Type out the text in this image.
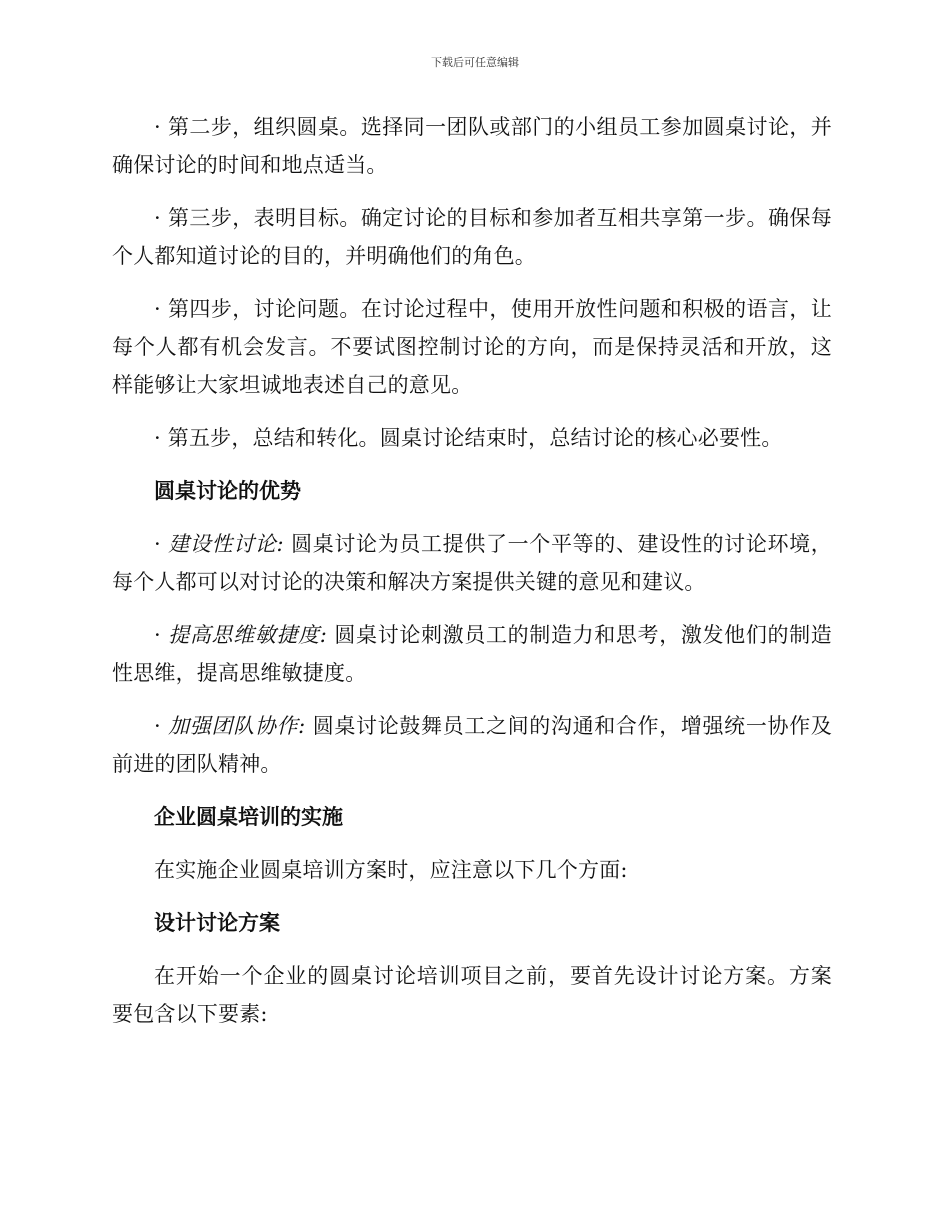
下载后可任意编辑

· 第二步，组织圆桌。选择同一团队或部门的小组员工参加圆桌讨论，并确保讨论的时间和地点适当。

· 第三步，表明目标。确定讨论的目标和参加者互相共享第一步。确保每个人都知道讨论的目的，并明确他们的角色。

· 第四步，讨论问题。在讨论过程中，使用开放性问题和积极的语言，让每个人都有机会发言。不要试图控制讨论的方向，而是保持灵活和开放，这样能够让大家坦诚地表述自己的意见。

· 第五步，总结和转化。圆桌讨论结束时，总结讨论的核心必要性。

圆桌讨论的优势

· 建设性讨论: 圆桌讨论为员工提供了一个平等的、建设性的讨论环境，每个人都可以对讨论的决策和解决方案提供关键的意见和建议。

· 提高思维敏捷度: 圆桌讨论刺激员工的制造力和思考，激发他们的制造性思维，提高思维敏捷度。

· 加强团队协作: 圆桌讨论鼓舞员工之间的沟通和合作，增强统一协作及前进的团队精神。

企业圆桌培训的实施

在实施企业圆桌培训方案时，应注意以下几个方面:

设计讨论方案

在开始一个企业的圆桌讨论培训项目之前，要首先设计讨论方案。方案要包含以下要素:
